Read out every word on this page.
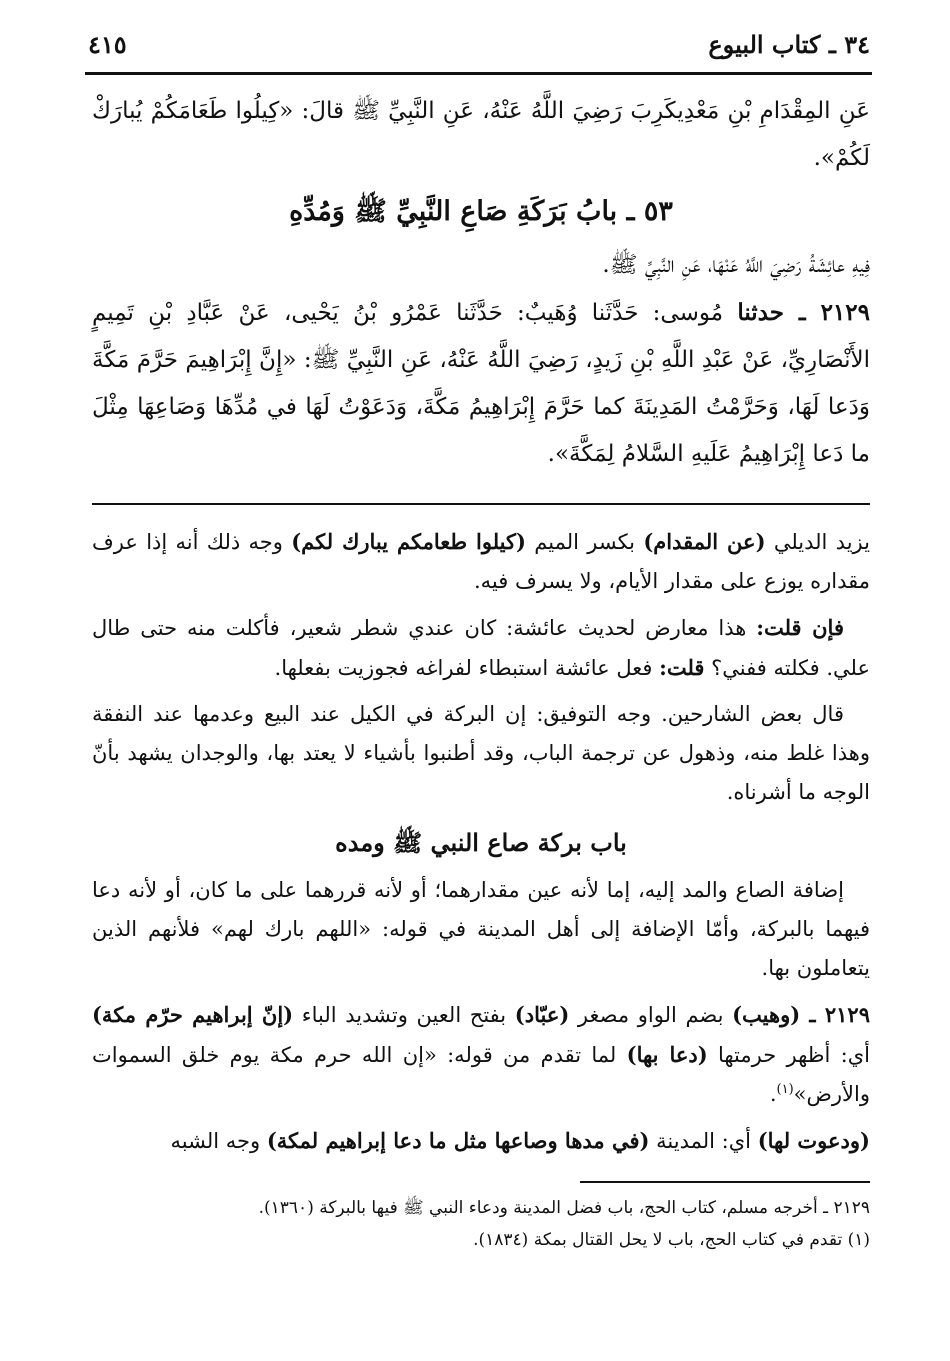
٣٤ ـ كتاب البيوع
٤١٥

عَنِ المِقْدَامِ بْنِ مَعْدِيكَرِبَ رَضِيَ اللَّهُ عَنْهُ، عَنِ النَّبِيِّ ﷺ قالَ: «كِيلُوا طَعَامَكُمْ يُبارَكْ لَكُمْ».

٥٣ ـ بابُ بَرَكَةِ صَاعِ النَّبِيِّ ﷺ وَمُدِّهِ

فِيهِ عائِشَةُ رَضِيَ اللَّهُ عَنْهَا، عَنِ النَّبِيِّ ﷺ.

٢١٢٩ ـ حدثنا مُوسى: حَدَّثَنا وُهَيبٌ: حَدَّثَنا عَمْرُو بْنُ يَحْيى، عَنْ عَبَّادِ بْنِ تَمِيمٍ الأَنْصَارِيِّ، عَنْ عَبْدِ اللَّهِ بْنِ زَيدٍ، رَضِيَ اللَّهُ عَنْهُ، عَنِ النَّبِيِّ ﷺ: «إِنَّ إِبْرَاهِيمَ حَرَّمَ مَكَّةَ وَدَعا لَهَا، وَحَرَّمْتُ المَدِينَةَ كما حَرَّمَ إِبْرَاهِيمُ مَكَّةَ، وَدَعَوْتُ لَهَا في مُدِّهَا وَصَاعِهَا مِثْلَ ما دَعا إِبْرَاهِيمُ عَلَيهِ السَّلامُ لِمَكَّةَ».

يزيد الديلي (عن المقدام) بكسر الميم (كيلوا طعامكم يبارك لكم) وجه ذلك أنه إذا عرف مقداره يوزع على مقدار الأيام، ولا يسرف فيه.

فإن قلت: هذا معارض لحديث عائشة: كان عندي شطر شعير، فأكلت منه حتى طال علي. فكلته ففني؟ قلت: فعل عائشة استبطاء لفراغه فجوزيت بفعلها.

قال بعض الشارحين. وجه التوفيق: إن البركة في الكيل عند البيع وعدمها عند النفقة وهذا غلط منه، وذهول عن ترجمة الباب، وقد أطنبوا بأشياء لا يعتد بها، والوجدان يشهد بأنّ الوجه ما أشرناه.

باب بركة صاع النبي ﷺ ومده

إضافة الصاع والمد إليه، إما لأنه عين مقدارهما؛ أو لأنه قررهما على ما كان، أو لأنه دعا فيهما بالبركة، وأمّا الإضافة إلى أهل المدينة في قوله: «اللهم بارك لهم» فلأنهم الذين يتعاملون بها.

٢١٢٩ ـ (وهيب) بضم الواو مصغر (عبّاد) بفتح العين وتشديد الباء (إنّ إبراهيم حرّم مكة) أي: أظهر حرمتها (دعا بها) لما تقدم من قوله: «إن الله حرم مكة يوم خلق السموات والأرض»$^{(١)}$.

(ودعوت لها) أي: المدينة (في مدها وصاعها مثل ما دعا إبراهيم لمكة) وجه الشبه

٢١٢٩ ـ أخرجه مسلم، كتاب الحج، باب فضل المدينة ودعاء النبي ﷺ فيها بالبركة (١٣٦٠).

(١) تقدم في كتاب الحج، باب لا يحل القتال بمكة (١٨٣٤).
